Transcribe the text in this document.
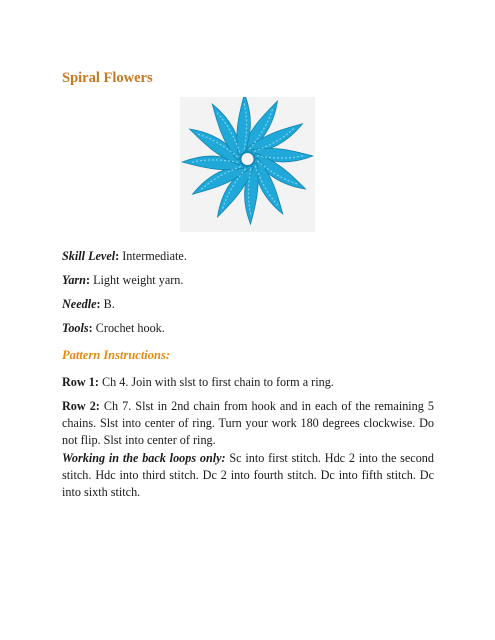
Spiral Flowers

Skill Level: Intermediate.

Yarn: Light weight yarn.

Needle: B.

Tools: Crochet hook.

Pattern Instructions:

Row 1: Ch 4. Join with slst to first chain to form a ring.

Row 2: Ch 7. Slst in 2nd chain from hook and in each of the remaining 5 chains. Slst into center of ring. Turn your work 180 degrees clockwise. Do not flip. Slst into center of ring.

Working in the back loops only: Sc into first stitch. Hdc 2 into the second stitch. Hdc into third stitch. Dc 2 into fourth stitch. Dc into fifth stitch. Dc into sixth stitch.
